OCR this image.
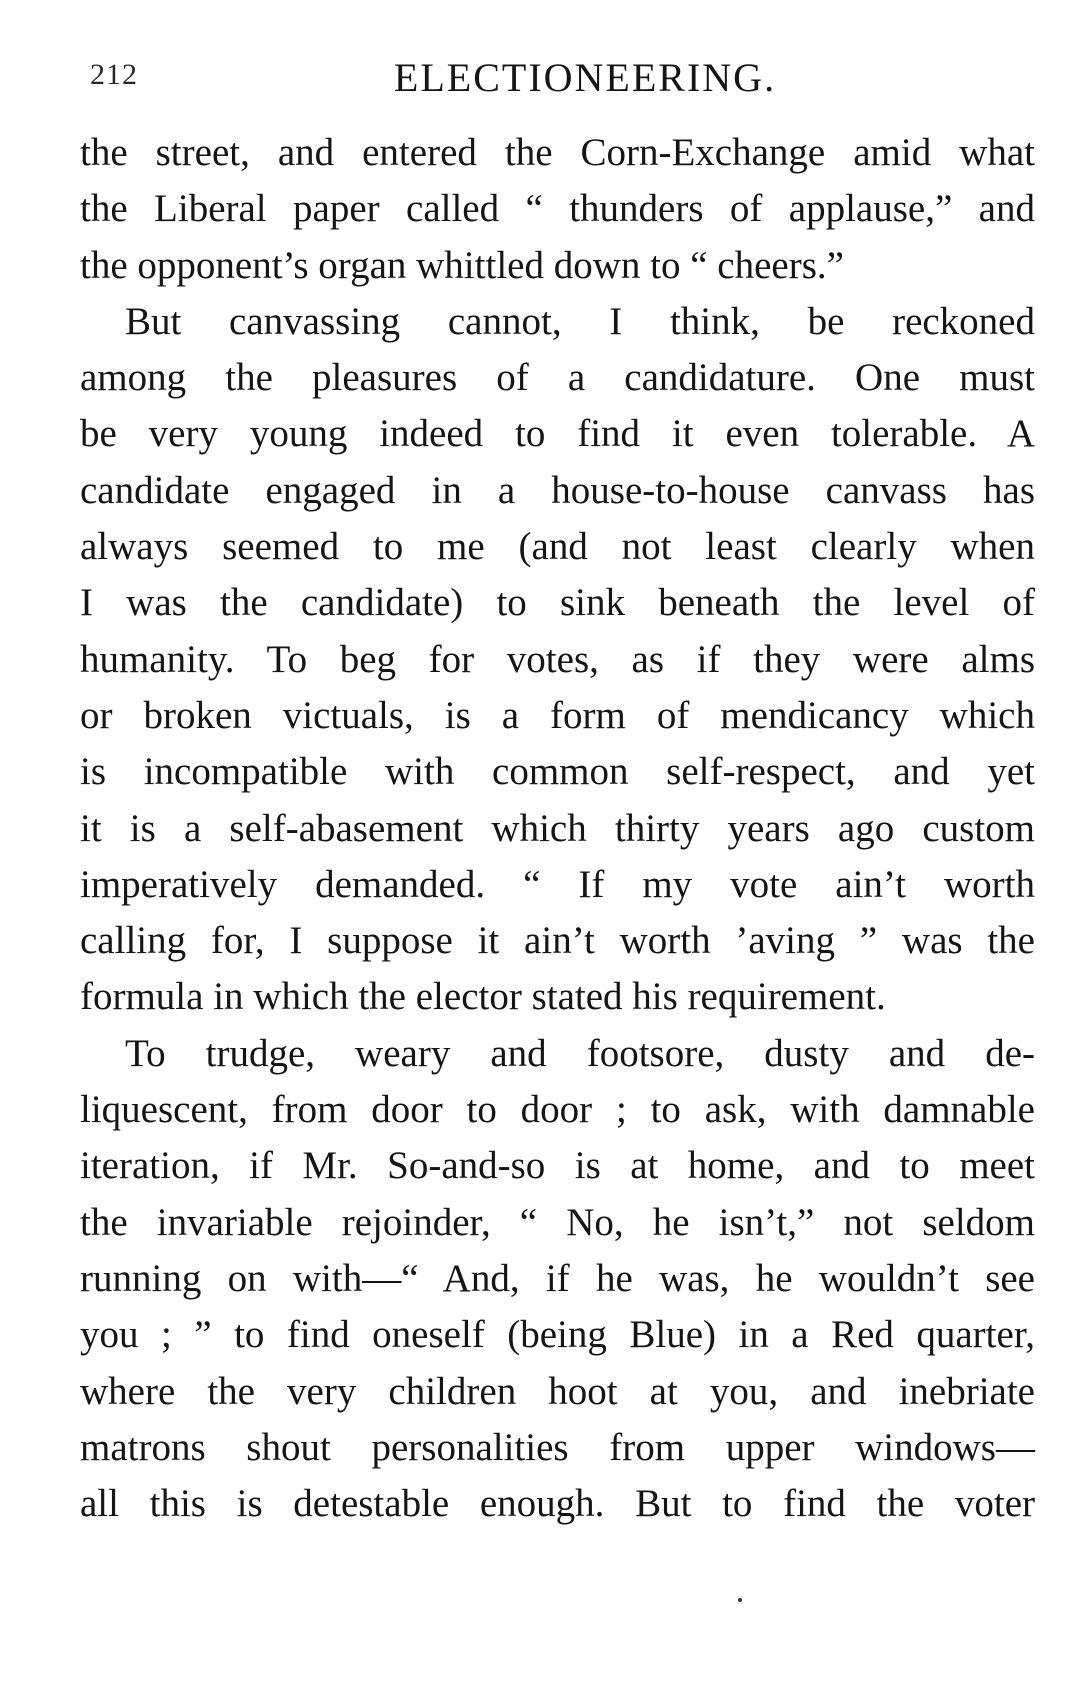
212	ELECTIONEERING.
the street, and entered the Corn-Exchange amid what
the Liberal paper called “ thunders of applause,” and
the opponent’s organ whittled down to “ cheers.”
But canvassing cannot, I think, be reckoned
among the pleasures of a candidature. One must
be very young indeed to find it even tolerable. A
candidate engaged in a house-to-house canvass has
always seemed to me (and not least clearly when
I was the candidate) to sink beneath the level of
humanity. To beg for votes, as if they were alms
or broken victuals, is a form of mendicancy which
is incompatible with common self-respect, and yet
it is a self-abasement which thirty years ago custom
imperatively demanded. “ If my vote ain’t worth
calling for, I suppose it ain’t worth ’aving ” was the
formula in which the elector stated his requirement.
To trudge, weary and footsore, dusty and de-
liquescent, from door to door ; to ask, with damnable
iteration, if Mr. So-and-so is at home, and to meet
the invariable rejoinder, “ No, he isn’t,” not seldom
running on with—“ And, if he was, he wouldn’t see
you ; ” to find oneself (being Blue) in a Red quarter,
where the very children hoot at you, and inebriate
matrons shout personalities from upper windows—
all this is detestable enough. But to find the voter
